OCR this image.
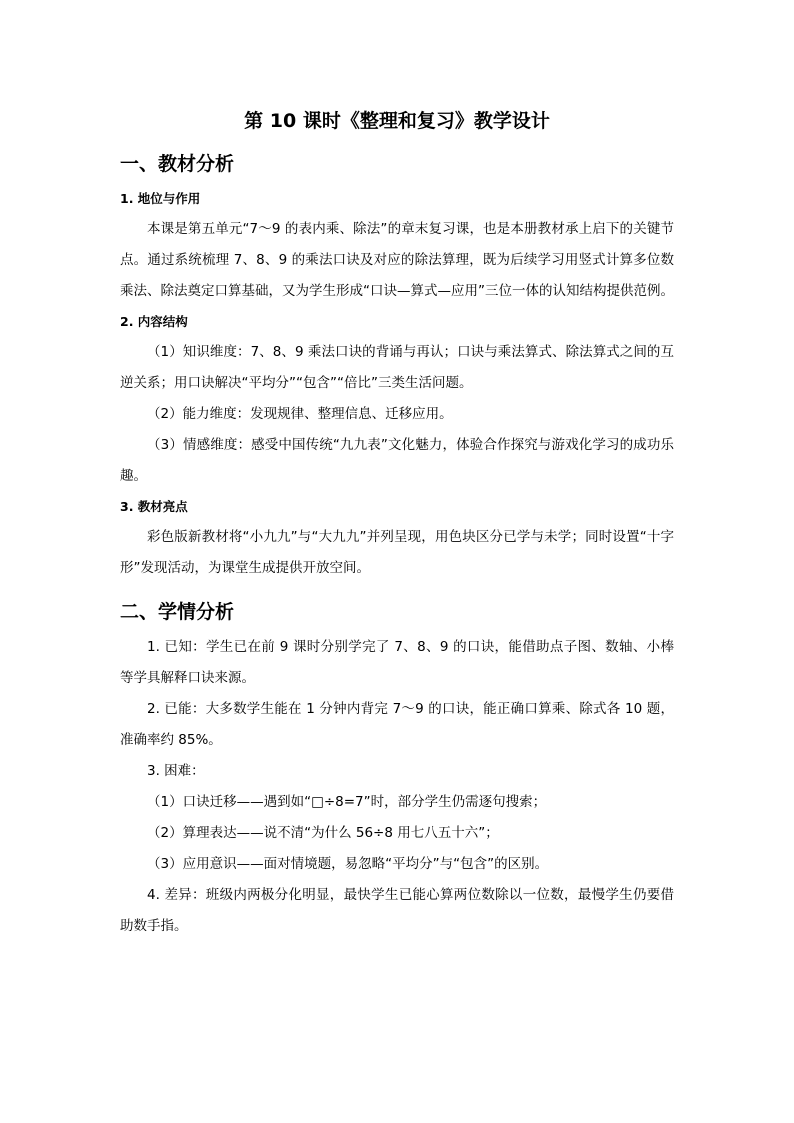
第 10 课时《整理和复习》教学设计
一、教材分析
1. 地位与作用

本课是第五单元“7～9 的表内乘、除法”的章末复习课，也是本册教材承上启下的关键节点。通过系统梳理 7、8、9 的乘法口诀及对应的除法算理，既为后续学习用竖式计算多位数乘法、除法奠定口算基础，又为学生形成“口诀—算式—应用”三位一体的认知结构提供范例。

2. 内容结构

（1）知识维度：7、8、9 乘法口诀的背诵与再认；口诀与乘法算式、除法算式之间的互逆关系；用口诀解决“平均分”“包含”“倍比”三类生活问题。

（2）能力维度：发现规律、整理信息、迁移应用。

（3）情感维度：感受中国传统“九九表”文化魅力，体验合作探究与游戏化学习的成功乐趣。

3. 教材亮点

彩色版新教材将“小九九”与“大九九”并列呈现，用色块区分已学与未学；同时设置“十字形”发现活动，为课堂生成提供开放空间。

二、学情分析

1. 已知：学生已在前 9 课时分别学完了 7、8、9 的口诀，能借助点子图、数轴、小棒等学具解释口诀来源。

2. 已能：大多数学生能在 1 分钟内背完 7～9 的口诀，能正确口算乘、除式各 10 题，准确率约 85%。

3. 困难：

（1）口诀迁移——遇到如“□÷8=7”时，部分学生仍需逐句搜索；

（2）算理表达——说不清“为什么 56÷8 用七八五十六”；

（3）应用意识——面对情境题，易忽略“平均分”与“包含”的区别。

4. 差异：班级内两极分化明显，最快学生已能心算两位数除以一位数，最慢学生仍要借助数手指。
